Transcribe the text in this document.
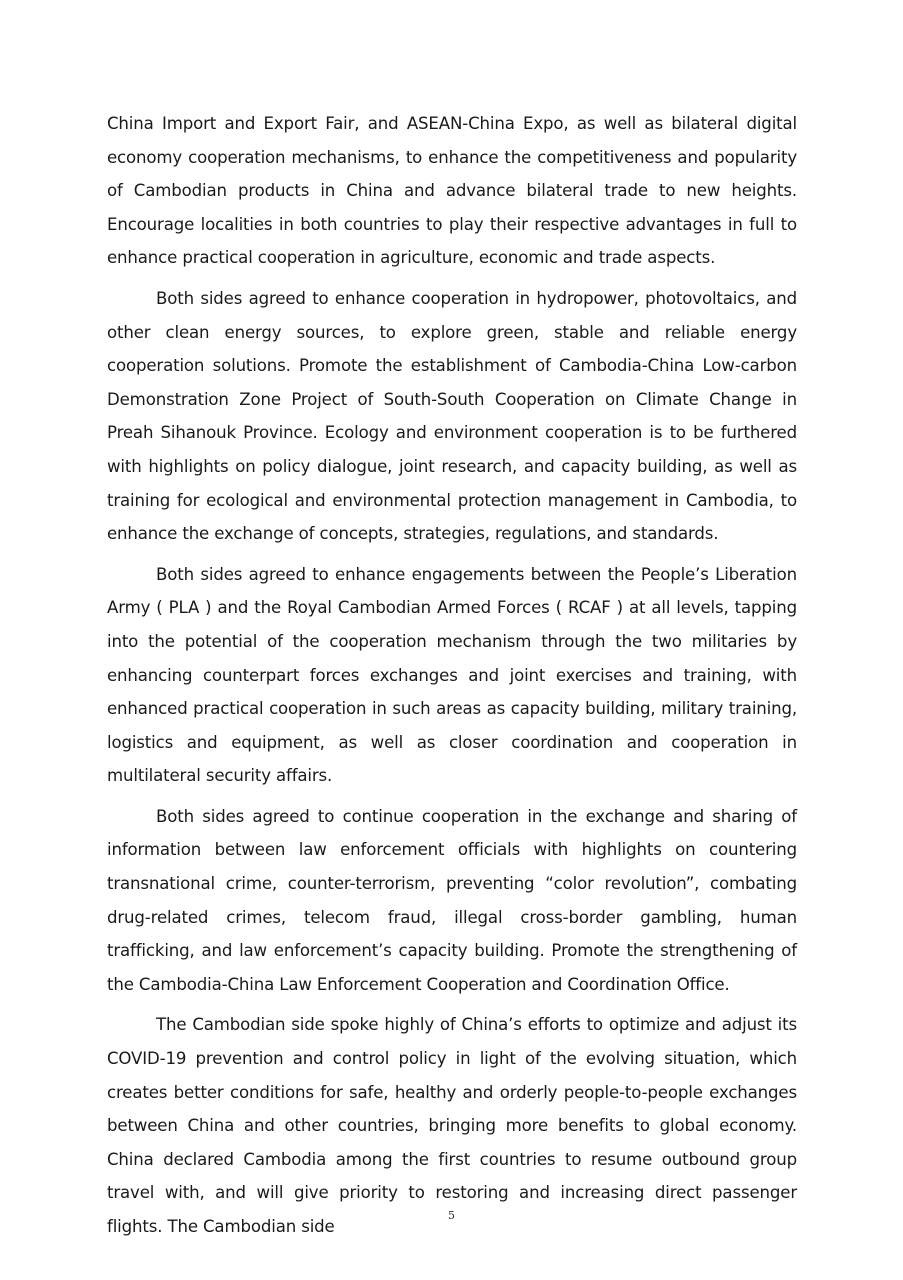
China Import and Export Fair, and ASEAN-China Expo, as well as bilateral digital economy cooperation mechanisms, to enhance the competitiveness and popularity of Cambodian products in China and advance bilateral trade to new heights. Encourage localities in both countries to play their respective advantages in full to enhance practical cooperation in agriculture, economic and trade aspects.

Both sides agreed to enhance cooperation in hydropower, photovoltaics, and other clean energy sources, to explore green, stable and reliable energy cooperation solutions. Promote the establishment of Cambodia-China Low-carbon Demonstration Zone Project of South-South Cooperation on Climate Change in Preah Sihanouk Province. Ecology and environment cooperation is to be furthered with highlights on policy dialogue, joint research, and capacity building, as well as training for ecological and environmental protection management in Cambodia, to enhance the exchange of concepts, strategies, regulations, and standards.

Both sides agreed to enhance engagements between the People’s Liberation Army ( PLA ) and the Royal Cambodian Armed Forces ( RCAF ) at all levels, tapping into the potential of the cooperation mechanism through the two militaries by enhancing counterpart forces exchanges and joint exercises and training, with enhanced practical cooperation in such areas as capacity building, military training, logistics and equipment, as well as closer coordination and cooperation in multilateral security affairs.

Both sides agreed to continue cooperation in the exchange and sharing of information between law enforcement officials with highlights on countering transnational crime, counter-terrorism, preventing “color revolution”, combating drug-related crimes, telecom fraud, illegal cross-border gambling, human trafficking, and law enforcement’s capacity building. Promote the strengthening of the Cambodia-China Law Enforcement Cooperation and Coordination Office.

The Cambodian side spoke highly of China’s efforts to optimize and adjust its COVID-19 prevention and control policy in light of the evolving situation, which creates better conditions for safe, healthy and orderly people-to-people exchanges between China and other countries, bringing more benefits to global economy. China declared Cambodia among the first countries to resume outbound group travel with, and will give priority to restoring and increasing direct passenger flights. The Cambodian side

5
